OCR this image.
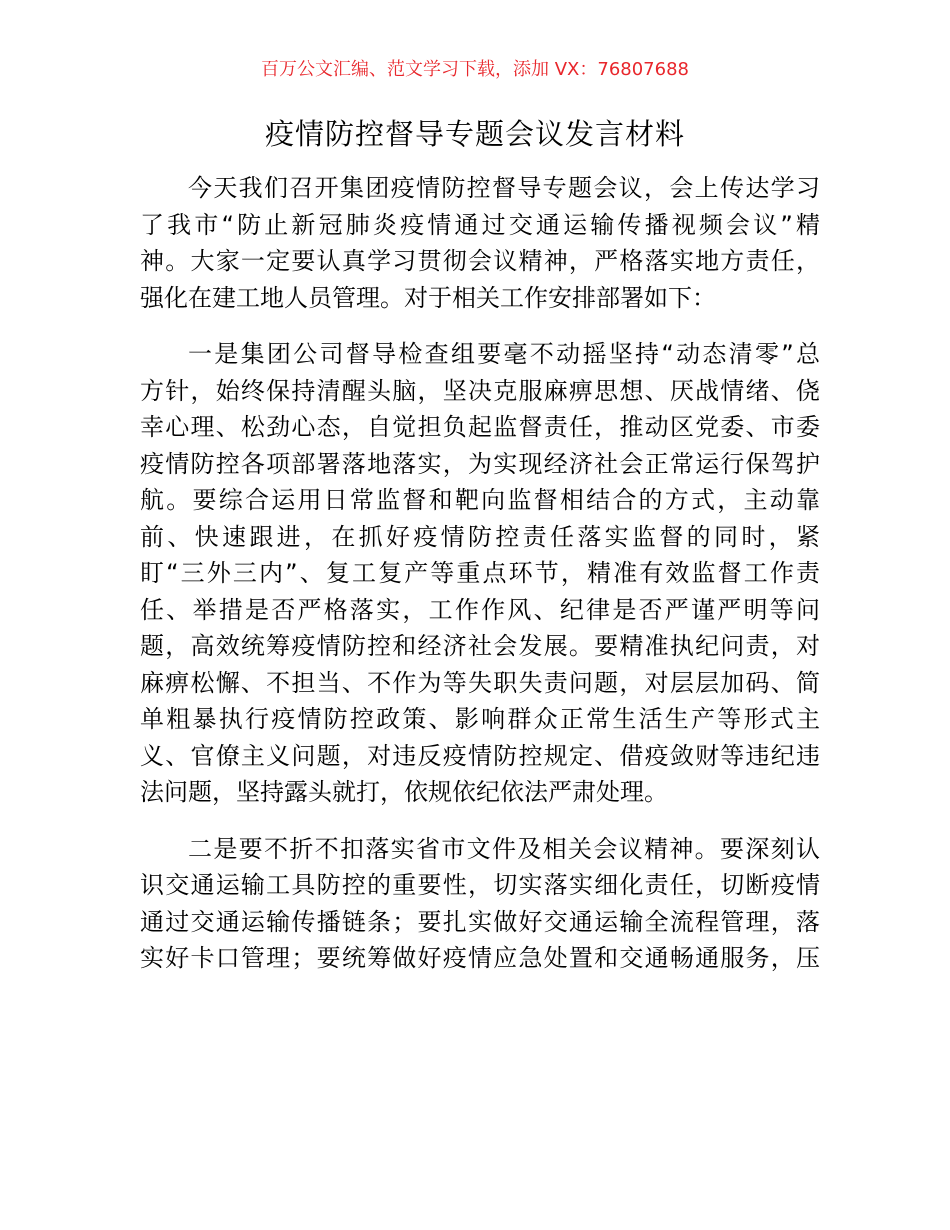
百万公文汇编、范文学习下载，添加 VX：76807688
疫情防控督导专题会议发言材料
今天我们召开集团疫情防控督导专题会议，会上传达学习
了我市“防止新冠肺炎疫情通过交通运输传播视频会议”精
神。大家一定要认真学习贯彻会议精神，严格落实地方责任，
强化在建工地人员管理。对于相关工作安排部署如下：
一是集团公司督导检查组要毫不动摇坚持“动态清零”总
方针，始终保持清醒头脑，坚决克服麻痹思想、厌战情绪、侥
幸心理、松劲心态，自觉担负起监督责任，推动区党委、市委
疫情防控各项部署落地落实，为实现经济社会正常运行保驾护
航。要综合运用日常监督和靶向监督相结合的方式，主动靠
前、快速跟进，在抓好疫情防控责任落实监督的同时，紧
盯“三外三内”、复工复产等重点环节，精准有效监督工作责
任、举措是否严格落实，工作作风、纪律是否严谨严明等问
题，高效统筹疫情防控和经济社会发展。要精准执纪问责，对
麻痹松懈、不担当、不作为等失职失责问题，对层层加码、简
单粗暴执行疫情防控政策、影响群众正常生活生产等形式主
义、官僚主义问题，对违反疫情防控规定、借疫敛财等违纪违
法问题，坚持露头就打，依规依纪依法严肃处理。
二是要不折不扣落实省市文件及相关会议精神。要深刻认
识交通运输工具防控的重要性，切实落实细化责任，切断疫情
通过交通运输传播链条；要扎实做好交通运输全流程管理，落
实好卡口管理；要统筹做好疫情应急处置和交通畅通服务，压
